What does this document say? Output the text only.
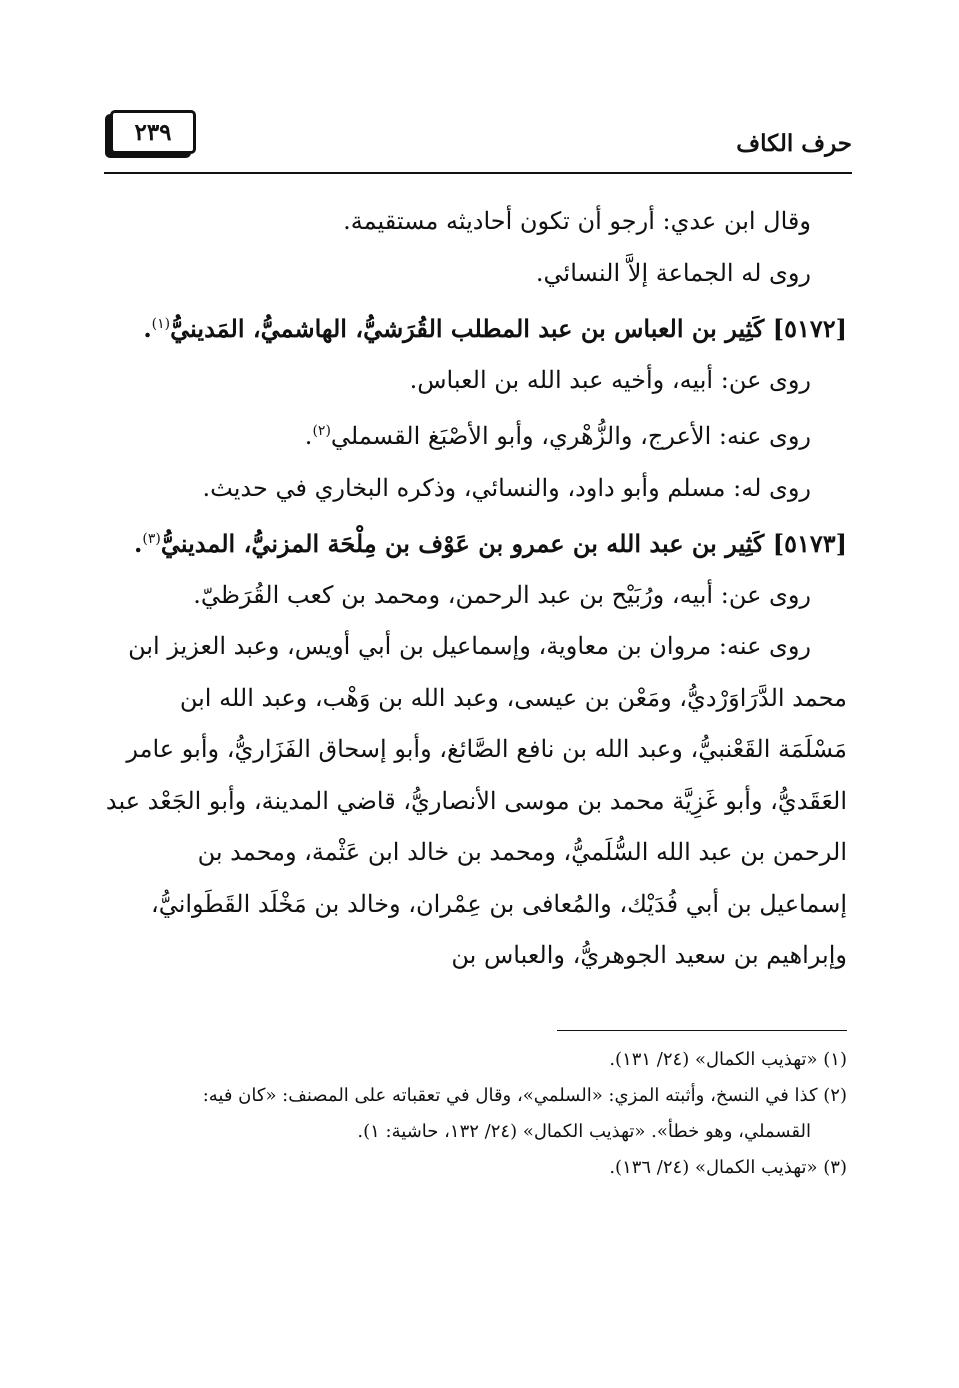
٢٣٩	حرف الكاف

وقال ابن عدي: أرجو أن تكون أحاديثه مستقيمة.

روى له الجماعة إلاَّ النسائي.

[٥١٧٢] كَثِير بن العباس بن عبد المطلب القُرَشيُّ، الهاشميُّ، المَدينيُّ$^{(١)}$.

روى عن: أبيه، وأخيه عبد الله بن العباس.

روى عنه: الأعرج، والزُّهْري، وأبو الأصْبَغ القسملي$^{(٢)}$.

روى له: مسلم وأبو داود، والنسائي، وذكره البخاري في حديث.

[٥١٧٣] كَثِير بن عبد الله بن عمرو بن عَوْف بن مِلْحَة المزنيُّ، المدينيُّ$^{(٣)}$.

روى عن: أبيه، ورُبَيْح بن عبد الرحمن، ومحمد بن كعب القُرَظيّ.

روى عنه: مروان بن معاوية، وإسماعيل بن أبي أويس، وعبد العزيز ابن محمد الدَّرَاوَرْديُّ، ومَعْن بن عيسى، وعبد الله بن وَهْب، وعبد الله ابن مَسْلَمَة القَعْنبيُّ، وعبد الله بن نافع الصَّائغ، وأبو إسحاق الفَزَاريُّ، وأبو عامر العَقَديُّ، وأبو غَزِيَّة محمد بن موسى الأنصاريُّ، قاضي المدينة، وأبو الجَعْد عبد الرحمن بن عبد الله السُّلَميُّ، ومحمد بن خالد ابن عَثْمة، ومحمد بن إسماعيل بن أبي فُدَيْك، والمُعافى بن عِمْران، وخالد بن مَخْلَد القَطَوانيُّ، وإبراهيم بن سعيد الجوهريُّ، والعباس بن

(١) «تهذيب الكمال» (٢٤/ ١٣١).

(٢) كذا في النسخ، وأثبته المزي: «السلمي»، وقال في تعقباته على المصنف: «كان فيه:

القسملي، وهو خطأ». «تهذيب الكمال» (٢٤/ ١٣٢، حاشية: ١).

(٣) «تهذيب الكمال» (٢٤/ ١٣٦).
